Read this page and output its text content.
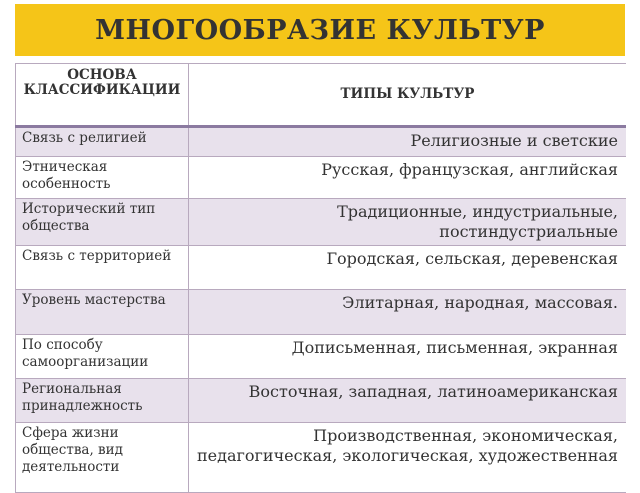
МНОГООБРАЗИЕ КУЛЬТУР
ОСНОВА КЛАССИФИКАЦИИ	ТИПЫ КУЛЬТУР
Связь с религией	Религиозные и светские
Этническая особенность	Русская, французская, английская
Исторический тип общества	Традиционные, индустриальные, постиндустриальные
Связь с территорией	Городская, сельская, деревенская
Уровень мастерства	Элитарная, народная, массовая.
По способу самоорганизации	Дописьменная, письменная, экранная
Региональная принадлежность	Восточная, западная, латиноамериканская
Сфера жизни общества, вид деятельности	Производственная, экономическая, педагогическая, экологическая, художественная
